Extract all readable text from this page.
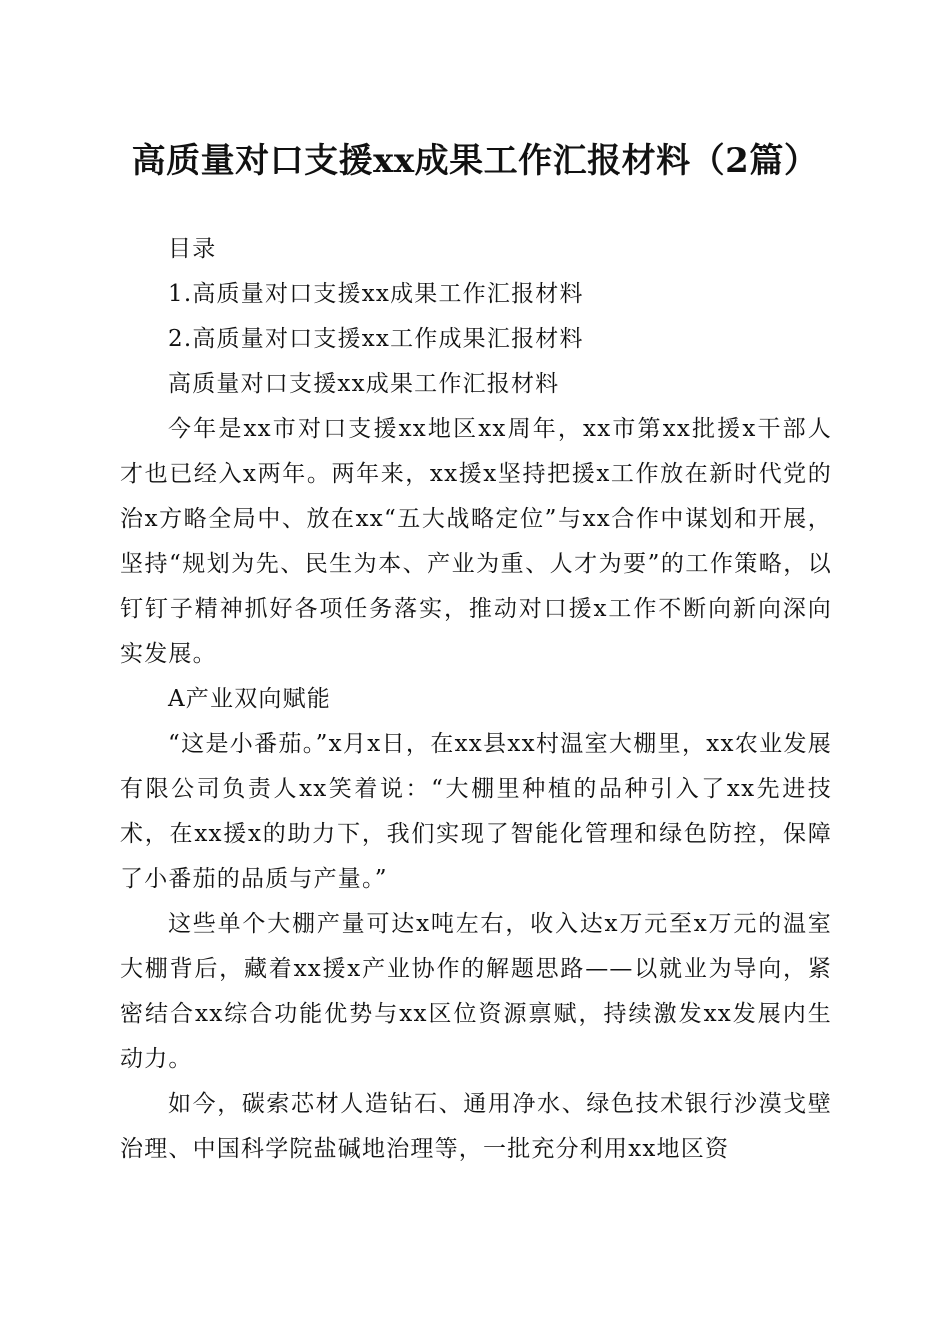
高质量对口支援xx成果工作汇报材料（2篇）

目录

1.高质量对口支援xx成果工作汇报材料

2.高质量对口支援xx工作成果汇报材料

高质量对口支援xx成果工作汇报材料

今年是xx市对口支援xx地区xx周年，xx市第xx批援x干部人才也已经入x两年。两年来，xx援x坚持把援x工作放在新时代党的治x方略全局中、放在xx“五大战略定位”与xx合作中谋划和开展，坚持“规划为先、民生为本、产业为重、人才为要”的工作策略，以钉钉子精神抓好各项任务落实，推动对口援x工作不断向新向深向实发展。

A产业双向赋能

“这是小番茄。”x月x日，在xx县xx村温室大棚里，xx农业发展有限公司负责人xx笑着说：“大棚里种植的品种引入了xx先进技术，在xx援x的助力下，我们实现了智能化管理和绿色防控，保障了小番茄的品质与产量。”

这些单个大棚产量可达x吨左右，收入达x万元至x万元的温室大棚背后，藏着xx援x产业协作的解题思路——以就业为导向，紧密结合xx综合功能优势与xx区位资源禀赋，持续激发xx发展内生动力。

如今，碳索芯材人造钻石、通用净水、绿色技术银行沙漠戈壁治理、中国科学院盐碱地治理等，一批充分利用xx地区资
